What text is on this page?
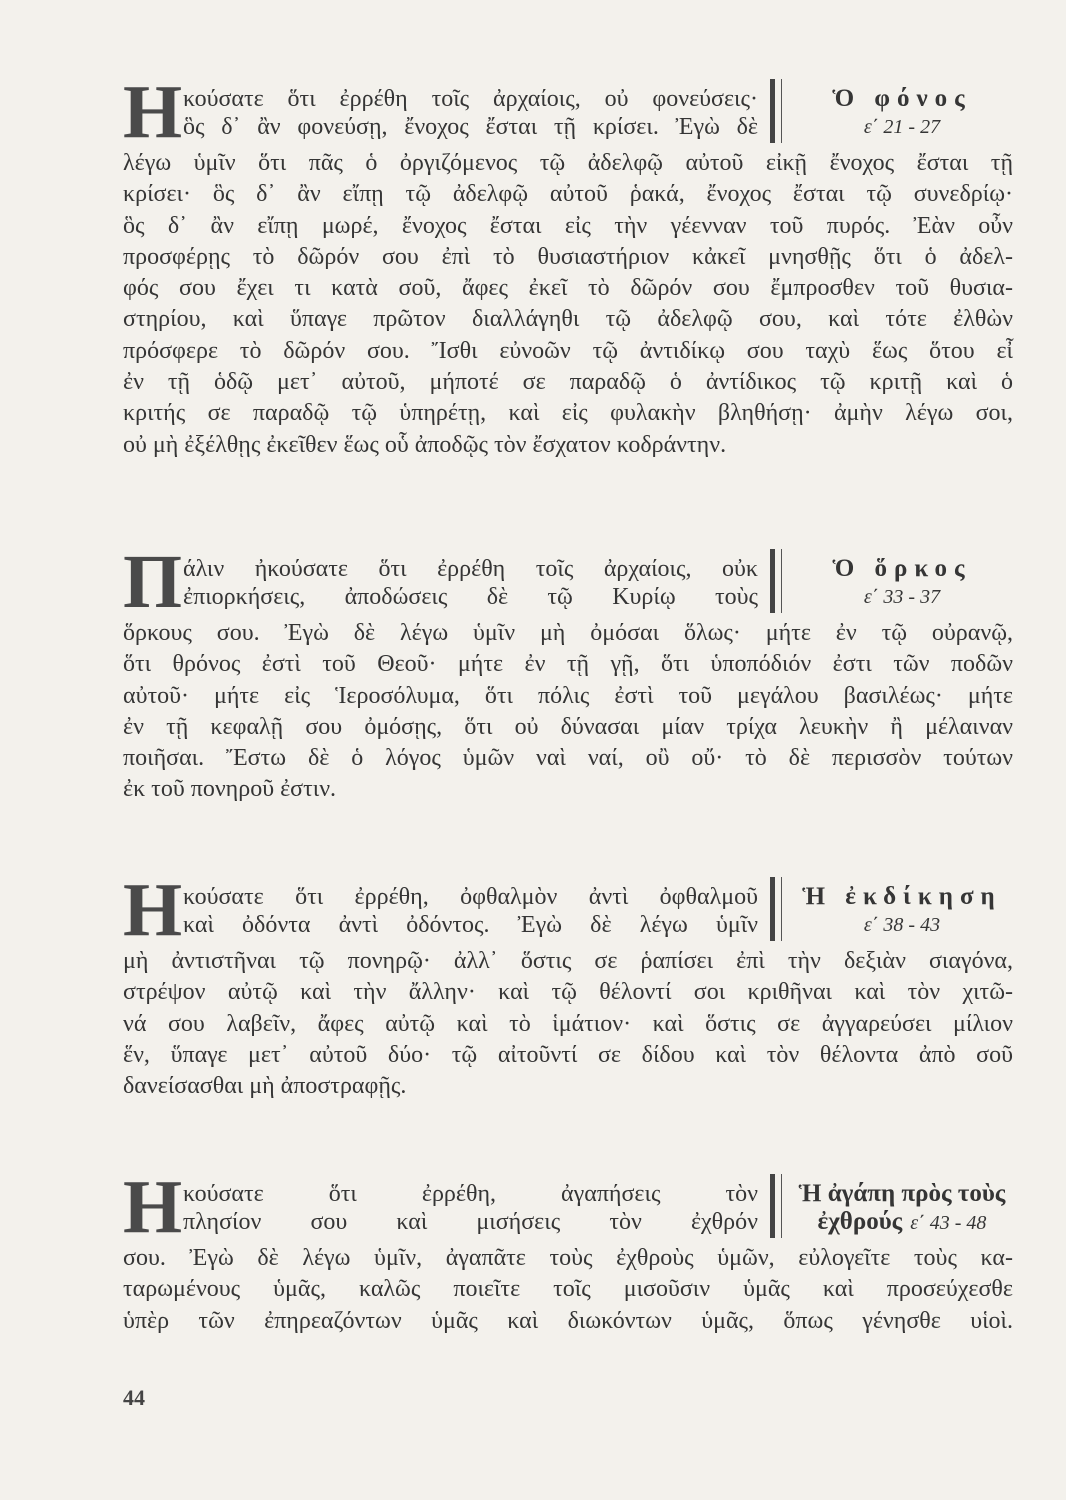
Η κούσατε ὅτι ἐρρέθη τοῖς ἀρχαίοις, οὐ φονεύσεις·
ὃς δ᾿ ἂν φονεύσῃ, ἔνοχος ἔσται τῇ κρίσει. Ἐγὼ δὲ
Ὁ φόνος
ε΄ 21 - 27
λέγω ὑμῖν ὅτι πᾶς ὁ ὀργιζόμενος τῷ ἀδελφῷ αὐτοῦ εἰκῇ ἔνοχος ἔσται τῇ
κρίσει· ὃς δ᾿ ἂν εἴπῃ τῷ ἀδελφῷ αὐτοῦ ῥακά, ἔνοχος ἔσται τῷ συνεδρίῳ·
ὃς δ᾿ ἂν εἴπῃ μωρέ, ἔνοχος ἔσται εἰς τὴν γέενναν τοῦ πυρός. Ἐὰν οὖν
προσφέρῃς τὸ δῶρόν σου ἐπὶ τὸ θυσιαστήριον κἀκεῖ μνησθῇς ὅτι ὁ ἀδελ-
φός σου ἔχει τι κατὰ σοῦ, ἄφες ἐκεῖ τὸ δῶρόν σου ἔμπροσθεν τοῦ θυσια-
στηρίου, καὶ ὕπαγε πρῶτον διαλλάγηθι τῷ ἀδελφῷ σου, καὶ τότε ἐλθὼν
πρόσφερε τὸ δῶρόν σου. Ἴσθι εὐνοῶν τῷ ἀντιδίκῳ σου ταχὺ ἕως ὅτου εἶ
ἐν τῇ ὁδῷ μετ᾿ αὐτοῦ, μήποτέ σε παραδῷ ὁ ἀντίδικος τῷ κριτῇ καὶ ὁ
κριτής σε παραδῷ τῷ ὑπηρέτῃ, καὶ εἰς φυλακὴν βληθήσῃ· ἀμὴν λέγω σοι,
οὐ μὴ ἐξέλθῃς ἐκεῖθεν ἕως οὗ ἀποδῷς τὸν ἔσχατον κοδράντην.
Π άλιν ἠκούσατε ὅτι ἐρρέθη τοῖς ἀρχαίοις, οὐκ
ἐπιορκήσεις, ἀποδώσεις δὲ τῷ Κυρίῳ τοὺς
Ὁ ὅρκος
ε΄ 33 - 37
ὅρκους σου. Ἐγὼ δὲ λέγω ὑμῖν μὴ ὀμόσαι ὅλως· μήτε ἐν τῷ οὐρανῷ,
ὅτι θρόνος ἐστὶ τοῦ Θεοῦ· μήτε ἐν τῇ γῇ, ὅτι ὑποπόδιόν ἐστι τῶν ποδῶν
αὐτοῦ· μήτε εἰς Ἱεροσόλυμα, ὅτι πόλις ἐστὶ τοῦ μεγάλου βασιλέως· μήτε
ἐν τῇ κεφαλῇ σου ὀμόσῃς, ὅτι οὐ δύνασαι μίαν τρίχα λευκὴν ἢ μέλαιναν
ποιῆσαι. Ἔστω δὲ ὁ λόγος ὑμῶν ναὶ ναί, οὒ οὔ· τὸ δὲ περισσὸν τούτων
ἐκ τοῦ πονηροῦ ἐστιν.
Η κούσατε ὅτι ἐρρέθη, ὀφθαλμὸν ἀντὶ ὀφθαλμοῦ
καὶ ὀδόντα ἀντὶ ὀδόντος. Ἐγὼ δὲ λέγω ὑμῖν
Ἡ ἐκδίκηση
ε΄ 38 - 43
μὴ ἀντιστῆναι τῷ πονηρῷ· ἀλλ᾿ ὅστις σε ῥαπίσει ἐπὶ τὴν δεξιὰν σιαγόνα,
στρέψον αὐτῷ καὶ τὴν ἄλλην· καὶ τῷ θέλοντί σοι κριθῆναι καὶ τὸν χιτῶ-
νά σου λαβεῖν, ἄφες αὐτῷ καὶ τὸ ἱμάτιον· καὶ ὅστις σε ἀγγαρεύσει μίλιον
ἕν, ὕπαγε μετ᾿ αὐτοῦ δύο· τῷ αἰτοῦντί σε δίδου καὶ τὸν θέλοντα ἀπὸ σοῦ
δανείσασθαι μὴ ἀποστραφῇς.
Η κούσατε ὅτι ἐρρέθη, ἀγαπήσεις τὸν
πλησίον σου καὶ μισήσεις τὸν ἐχθρόν
Ἡ ἀγάπη πρὸς τοὺς
ἐχθρούς ε΄ 43 - 48
σου. Ἐγὼ δὲ λέγω ὑμῖν, ἀγαπᾶτε τοὺς ἐχθροὺς ὑμῶν, εὐλογεῖτε τοὺς κα-
ταρωμένους ὑμᾶς, καλῶς ποιεῖτε τοῖς μισοῦσιν ὑμᾶς καὶ προσεύχεσθε
ὑπὲρ τῶν ἐπηρεαζόντων ὑμᾶς καὶ διωκόντων ὑμᾶς, ὅπως γένησθε υἱοὶ.
44
